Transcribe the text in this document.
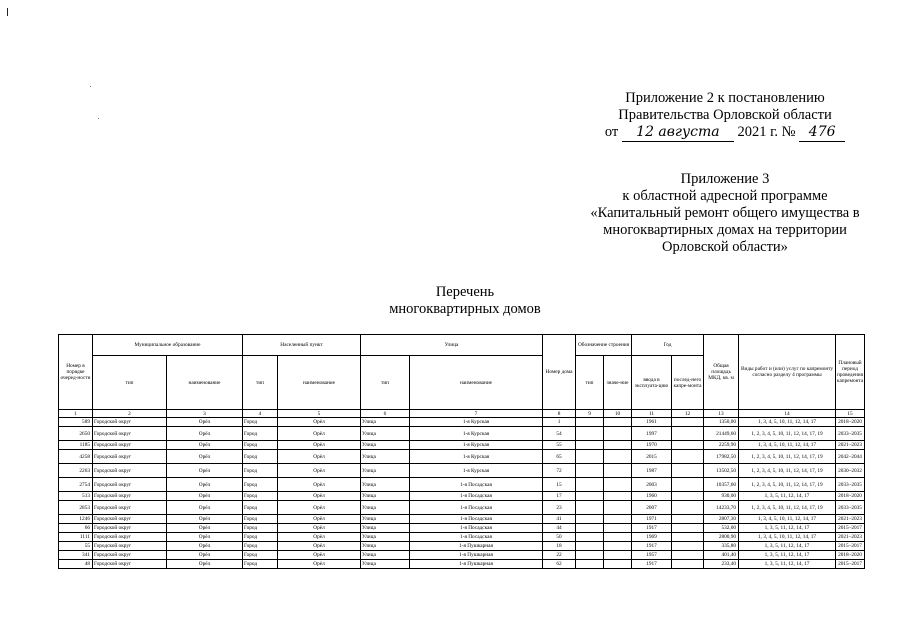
Приложение 2 к постановлению
Правительства Орловской области
от 12 августа 2021 г. № 476
Приложение 3
к областной адресной программе
«Капитальный ремонт общего имущества в
многоквартирных домах на территории
Орловской области»
Перечень
многоквартирных домов
Номер в порядке очеред-ности	Муниципальное образование		Населенный пункт		Улица		Номер дома	Обозначение строения		Год		Общая площадь МКД, кв. м	Виды работ и (или) услуг по капремонту согласно разделу 4 программы	Плановый период проведения капремонта
	тип	наименование	тип	наименование	тип	наименование		тип	значе-ние	ввода в эксплуата-цию	послед-него капре-монта			
1	2	3	4	5	6	7	8	9	10	11	12	13	14	15
589	Городской округ	Орёл	Город	Орёл	Улица	1-я Курская	1			1961		1350,00	1, 3, 4, 5, 10, 11, 12, 14, 17	2018–2020
2650	Городской округ	Орёл	Город	Орёл	Улица	1-я Курская	54			1997		21449,60	1, 2, 3, 4, 5, 10, 11, 12, 14, 17, 19	2033–2035
1185	Городской округ	Орёл	Город	Орёл	Улица	1-я Курская	55			1970		2259,90	1, 3, 4, 5, 10, 11, 12, 14, 17	2021–2023
4258	Городской округ	Орёл	Город	Орёл	Улица	1-я Курская	65			2015		17982,50	1, 2, 3, 4, 5, 10, 11, 12, 14, 17, 19	2042–2044
2263	Городской округ	Орёл	Город	Орёл	Улица	1-я Курская	72			1987		13502,50	1, 2, 3, 4, 5, 10, 11, 12, 14, 17, 19	2030–2032
2754	Городской округ	Орёл	Город	Орёл	Улица	1-я Посадская	15			2003		10357,60	1, 2, 3, 4, 5, 10, 11, 12, 14, 17, 19	2033–2035
513	Городской округ	Орёл	Город	Орёл	Улица	1-я Посадская	17			1960		930,00	1, 3, 5, 11, 12, 14, 17	2018–2020
2853	Городской округ	Орёл	Город	Орёл	Улица	1-я Посадская	23			2007		14233,70	1, 2, 3, 4, 5, 10, 11, 12, 14, 17, 19	2033–2035
1246	Городской округ	Орёл	Город	Орёл	Улица	1-я Посадская	41			1971		2807,30	1, 3, 4, 5, 10, 11, 12, 14, 17	2021–2023
66	Городской округ	Орёл	Город	Орёл	Улица	1-я Посадская	44			1917		532,00	1, 3, 5, 11, 12, 14, 17	2015–2017
1111	Городской округ	Орёл	Город	Орёл	Улица	1-я Посадская	50			1969		2800,90	1, 3, 4, 5, 10, 11, 12, 14, 17	2021–2023
55	Городской округ	Орёл	Город	Орёл	Улица	1-я Пушкарная	18			1917		335,80	1, 3, 5, 11, 12, 14, 17	2015–2017
341	Городской округ	Орёл	Город	Орёл	Улица	1-я Пушкарная	22			1957		401,40	1, 3, 5, 11, 12, 14, 17	2018–2020
48	Городской округ	Орёл	Город	Орёл	Улица	1-я Пушкарная	62			1917		233,40	1, 3, 5, 11, 12, 14, 17	2015–2017
